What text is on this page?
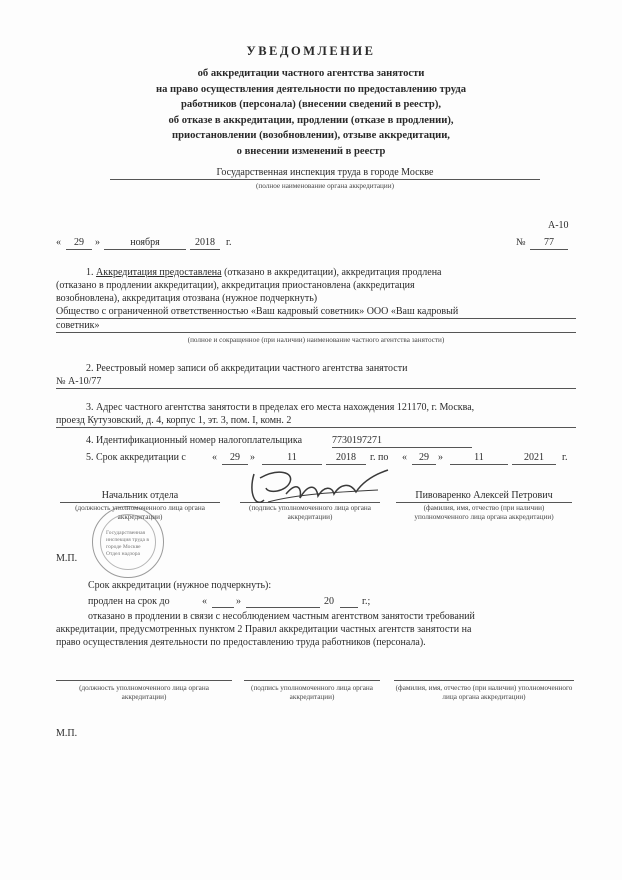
УВЕДОМЛЕНИЕ
об аккредитации частного агентства занятости
на право осуществления деятельности по предоставлению труда
работников (персонала) (внесении сведений в реестр),
об отказе в аккредитации, продлении (отказе в продлении),
приостановлении (возобновлении), отзыве аккредитации,
о внесении изменений в реестр
Государственная инспекция труда в городе Москве
(полное наименование органа аккредитации)
А-10
«	29	»	ноября	2018	г.	№	77
1. Аккредитация предоставлена (отказано в аккредитации), аккредитация продлена
(отказано в продлении аккредитации), аккредитация приостановлена (аккредитация
возобновлена), аккредитация отозвана (нужное подчеркнуть)
Общество с ограниченной ответственностью «Ваш кадровый советник» ООО «Ваш кадровый
советник»
(полное и сокращенное (при наличии) наименование частного агентства занятости)
2. Реестровый номер записи об аккредитации частного агентства занятости
№ А-10/77
3. Адрес частного агентства занятости в пределах его места нахождения 121170, г. Москва,
проезд Кутузовский, д. 4, корпус 1, эт. 3, пом. I, комн. 2
4. Идентификационный номер налогоплательщика	7730197271
5. Срок аккредитации с	«	29	»	11	2018	г. по «	29 »	11	2021	г.
Государственная инспекция труда в городе Москве Отдел надзора
Начальник отдела
(должность уполномоченного лица органа аккредитации)
(подпись уполномоченного лица органа аккредитации)
Пивоваренко Алексей Петрович
(фамилия, имя, отчество (при наличии) уполномоченного лица органа аккредитации)
М.П.
Срок аккредитации (нужное подчеркнуть):
продлен на срок до	«	»	20	г.;
отказано в продлении в связи с несоблюдением частным агентством занятости требований
аккредитации, предусмотренных пунктом 2 Правил аккредитации частных агентств занятости на
право осуществления деятельности по предоставлению труда работников (персонала).
(должность уполномоченного лица органа аккредитации)
(подпись уполномоченного лица органа аккредитации)
(фамилия, имя, отчество (при наличии) уполномоченного лица органа аккредитации)
М.П.
